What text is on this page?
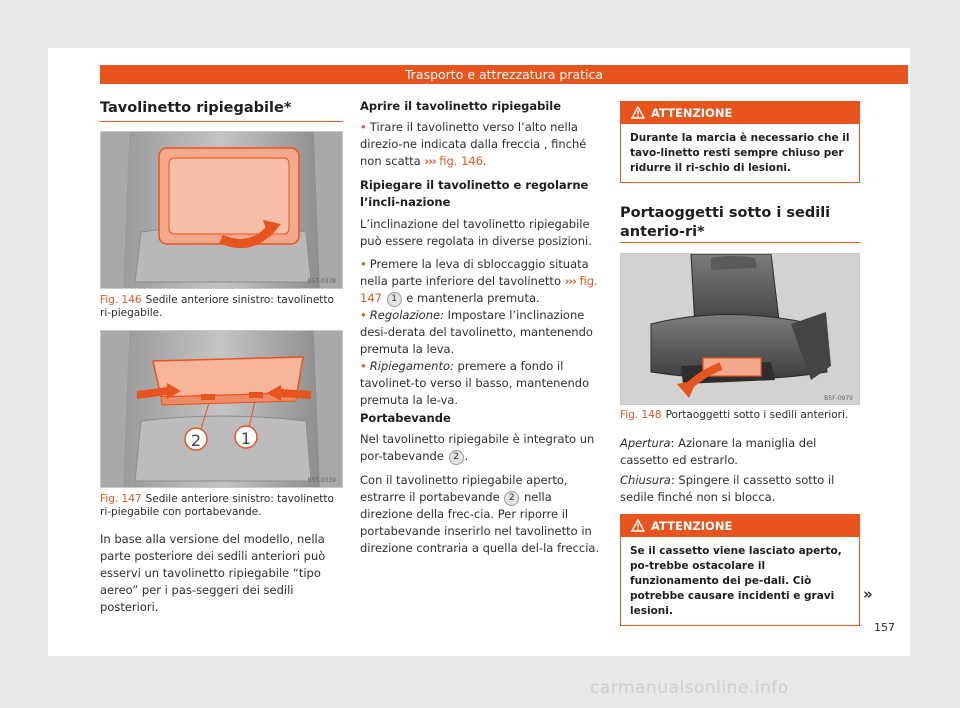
Trasporto e attrezzatura pratica
Tavolinetto ripiegabile*
B5T-0338
Fig. 146 Sedile anteriore sinistro: tavolinetto ri-piegabile.
2 1
B5T-0339
Fig. 147 Sedile anteriore sinistro: tavolinetto ri-piegabile con portabevande.
In base alla versione del modello, nella parte posteriore dei sedili anteriori può esservi un tavolinetto ripiegabile “tipo aereo” per i pas-seggeri dei sedili posteriori.
Aprire il tavolinetto ripiegabile
• Tirare il tavolinetto verso l’alto nella direzio-ne indicata dalla freccia , finché non scatta ››› fig. 146.
Ripiegare il tavolinetto e regolarne l’incli-nazione
L’inclinazione del tavolinetto ripiegabile può essere regolata in diverse posizioni.
• Premere la leva di sbloccaggio situata nella parte inferiore del tavolinetto ››› fig. 147 1 e mantenerla premuta.
• Regolazione: Impostare l’inclinazione desi-derata del tavolinetto, mantenendo premuta la leva.
• Ripiegamento: premere a fondo il tavolinet-to verso il basso, mantenendo premuta la le-va.
Portabevande
Nel tavolinetto ripiegabile è integrato un por-tabevande 2 .
Con il tavolinetto ripiegabile aperto, estrarre il portabevande 2 nella direzione della frec-cia. Per riporre il portabevande inserirlo nel tavolinetto in direzione contraria a quella del-la freccia.
ATTENZIONE
Durante la marcia è necessario che il tavo-linetto resti sempre chiuso per ridurre il ri-schio di lesioni.
Portaoggetti sotto i sedili anterio-ri*
B5F-0979
Fig. 148 Portaoggetti sotto i sedili anteriori.
Apertura: Azionare la maniglia del cassetto ed estrarlo.
Chiusura: Spingere il cassetto sotto il sedile finché non si blocca.
ATTENZIONE
Se il cassetto viene lasciato aperto, po-trebbe ostacolare il funzionamento dei pe-dali. Ciò potrebbe causare incidenti e gravi lesioni.
»
157
carmanualsonline.info
